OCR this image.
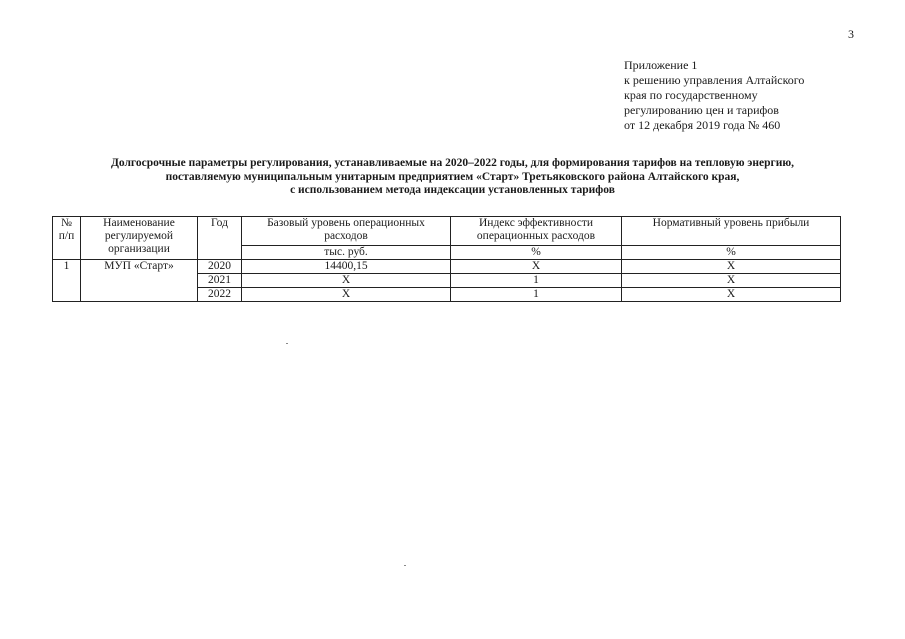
3
Приложение 1
к решению управления Алтайского
края по государственному
регулированию цен и тарифов
от 12 декабря 2019 года № 460
Долгосрочные параметры регулирования, устанавливаемые на 2020–2022 годы, для формирования тарифов на тепловую энергию,
поставляемую муниципальным унитарным предприятием «Старт» Третьяковского района Алтайского края,
с использованием метода индексации установленных тарифов
№ п/п	Наименование регулируемой организации	Год	Базовый уровень операционных расходов	Индекс эффективности операционных расходов	Нормативный уровень прибыли
			тыс. руб.	%	%
1	МУП «Старт»	2020	14400,15	X	X
		2021	X	1	X
		2022	X	1	X
